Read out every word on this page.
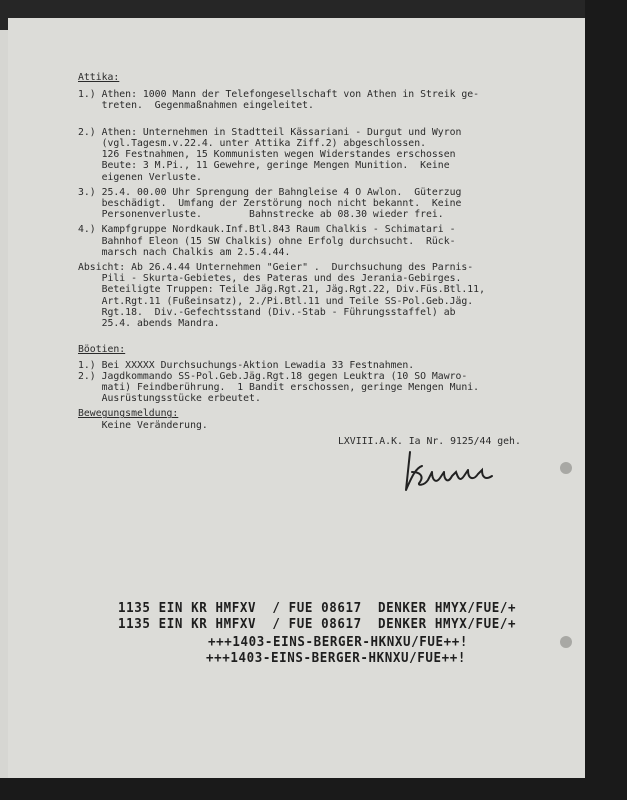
Attika:
1.) Athen: 1000 Mann der Telefongesellschaft von Athen in Streik ge-
treten.  Gegenmaßnahmen eingeleitet.
2.) Athen: Unternehmen in Stadtteil Kässariani - Durgut und Wyron
(vgl.Tagesm.v.22.4. unter Attika Ziff.2) abgeschlossen.
126 Festnahmen, 15 Kommunisten wegen Widerstandes erschossen
Beute: 3 M.Pi., 11 Gewehre, geringe Mengen Munition.  Keine
eigenen Verluste.
3.) 25.4. 00.00 Uhr Sprengung der Bahngleise 4 O Awlon.  Güterzug
beschädigt.  Umfang der Zerstörung noch nicht bekannt.  Keine
Personenverluste.        Bahnstrecke ab 08.30 wieder frei.
4.) Kampfgruppe Nordkauk.Inf.Btl.843 Raum Chalkis - Schimatari -
Bahnhof Eleon (15 SW Chalkis) ohne Erfolg durchsucht.  Rück-
marsch nach Chalkis am 2.5.4.44.
Absicht: Ab 26.4.44 Unternehmen "Geier" .  Durchsuchung des Parnis-
Pili - Skurta-Gebietes, des Pateras und des Jerania-Gebirges.
Beteiligte Truppen: Teile Jäg.Rgt.21, Jäg.Rgt.22, Div.Füs.Btl.11,
Art.Rgt.11 (Fußeinsatz), 2./Pi.Btl.11 und Teile SS-Pol.Geb.Jäg.
Rgt.18.  Div.-Gefechtsstand (Div.-Stab - Führungsstaffel) ab
25.4. abends Mandra.
Böotien:
1.) Bei XXXXX Durchsuchungs-Aktion Lewadia 33 Festnahmen.
2.) Jagdkommando SS-Pol.Geb.Jäg.Rgt.18 gegen Leuktra (10 SO Mawro-
mati) Feindberührung.  1 Bandit erschossen, geringe Mengen Muni.
Ausrüstungsstücke erbeutet.
Bewegungsmeldung:
Keine Veränderung.
LXVIII.A.K. Ia Nr. 9125/44 geh.
1135 EIN KR HMFXV  / FUE 08617  DENKER HMYX/FUE/+
1135 EIN KR HMFXV  / FUE 08617  DENKER HMYX/FUE/+
+++1403-EINS-BERGER-HKNXU/FUE++!
+++1403-EINS-BERGER-HKNXU/FUE++!
